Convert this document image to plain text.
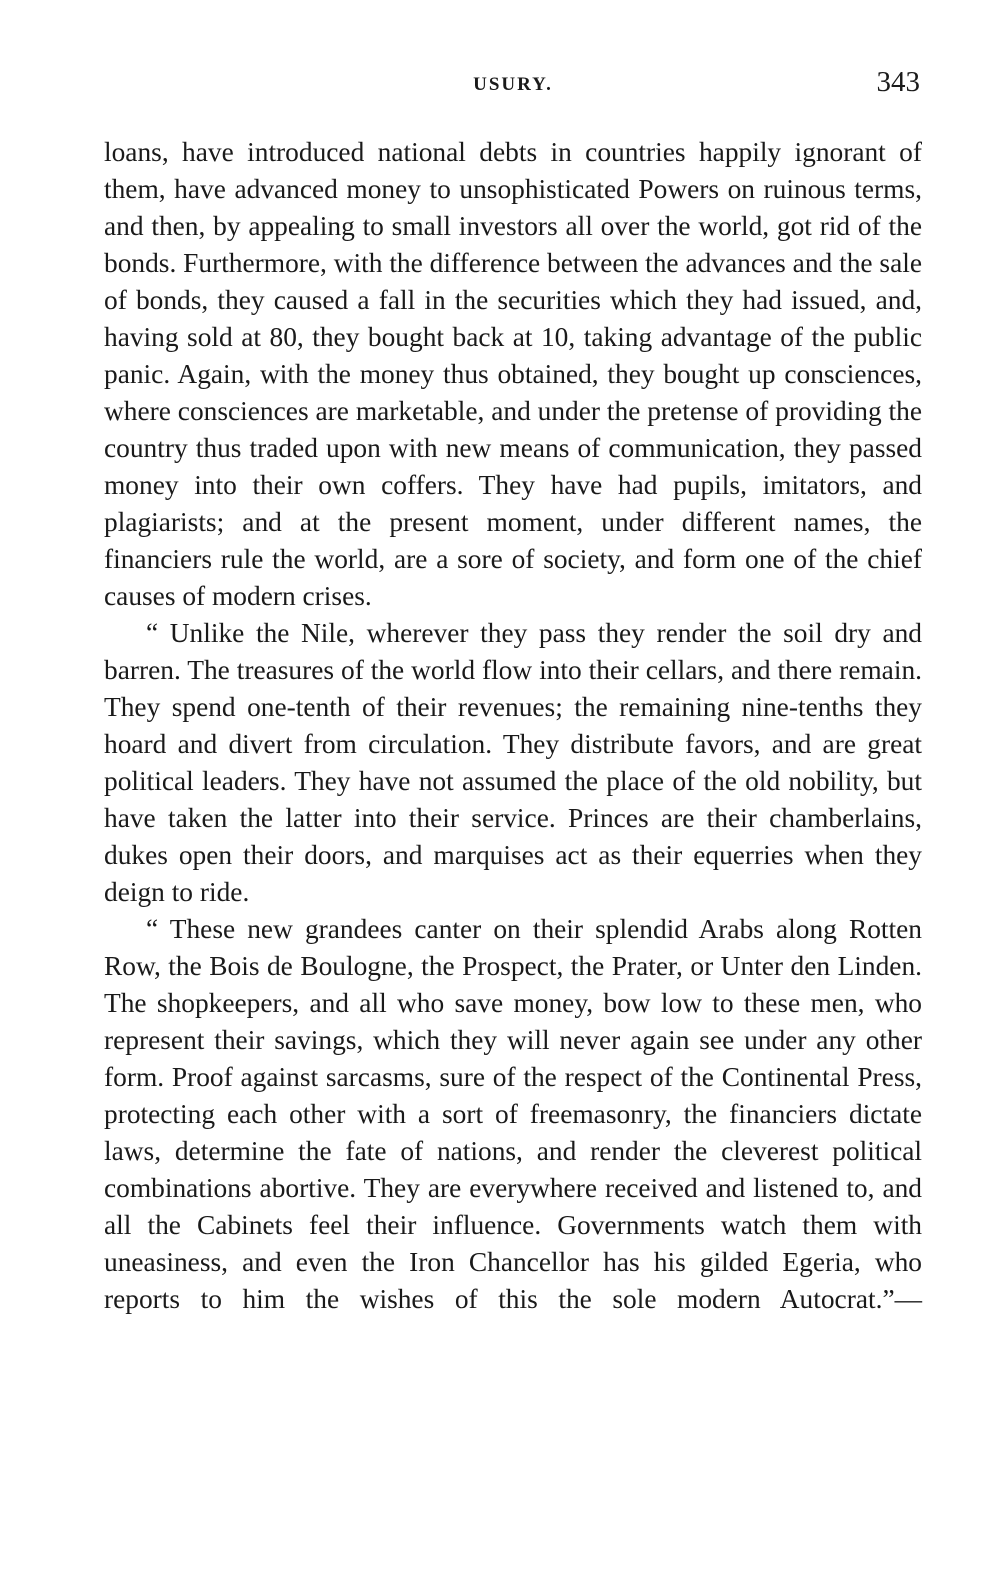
USURY.	343

loans, have introduced national debts in countries happily ignorant of them, have advanced money to unsophisticated Powers on ruinous terms, and then, by appealing to small investors all over the world, got rid of the bonds. Furthermore, with the difference between the advances and the sale of bonds, they caused a fall in the securities which they had issued, and, having sold at 80, they bought back at 10, taking advantage of the public panic. Again, with the money thus obtained, they bought up consciences, where consciences are marketable, and under the pretense of providing the country thus traded upon with new means of communication, they passed money into their own coffers. They have had pupils, imitators, and plagiarists; and at the present moment, under different names, the financiers rule the world, are a sore of society, and form one of the chief causes of modern crises.

“ Unlike the Nile, wherever they pass they render the soil dry and barren. The treasures of the world flow into their cellars, and there remain. They spend one-tenth of their revenues; the remaining nine-tenths they hoard and divert from circulation. They distribute favors, and are great political leaders. They have not assumed the place of the old nobility, but have taken the latter into their service. Princes are their chamberlains, dukes open their doors, and marquises act as their equerries when they deign to ride.

“ These new grandees canter on their splendid Arabs along Rotten Row, the Bois de Boulogne, the Prospect, the Prater, or Unter den Linden. The shopkeepers, and all who save money, bow low to these men, who represent their savings, which they will never again see under any other form. Proof against sarcasms, sure of the respect of the Continental Press, protecting each other with a sort of freemasonry, the financiers dictate laws, determine the fate of nations, and render the cleverest political combinations abortive. They are everywhere received and listened to, and all the Cabinets feel their influence. Governments watch them with uneasiness, and even the Iron Chancellor has his gilded Egeria, who reports to him the wishes of this the sole modern Autocrat.”—
